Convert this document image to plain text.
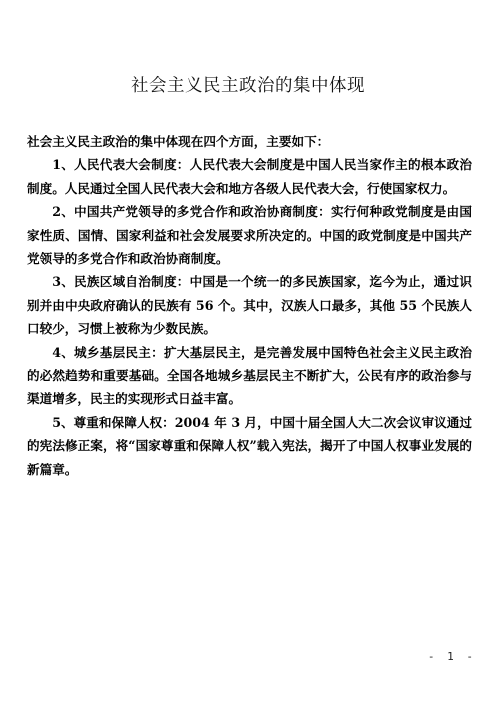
社会主义民主政治的集中体现

社会主义民主政治的集中体现在四个方面，主要如下：

1、人民代表大会制度：人民代表大会制度是中国人民当家作主的根本政治制度。人民通过全国人民代表大会和地方各级人民代表大会，行使国家权力。

2、中国共产党领导的多党合作和政治协商制度：实行何种政党制度是由国家性质、国情、国家利益和社会发展要求所决定的。中国的政党制度是中国共产党领导的多党合作和政治协商制度。

3、民族区域自治制度：中国是一个统一的多民族国家，迄今为止，通过识别并由中央政府确认的民族有 56 个。其中，汉族人口最多，其他 55 个民族人口较少，习惯上被称为少数民族。

4、城乡基层民主：扩大基层民主，是完善发展中国特色社会主义民主政治的必然趋势和重要基础。全国各地城乡基层民主不断扩大，公民有序的政治参与渠道增多，民主的实现形式日益丰富。

5、尊重和保障人权：2004 年 3 月，中国十届全国人大二次会议审议通过的宪法修正案，将“国家尊重和保障人权”载入宪法，揭开了中国人权事业发展的新篇章。

- 1 -
